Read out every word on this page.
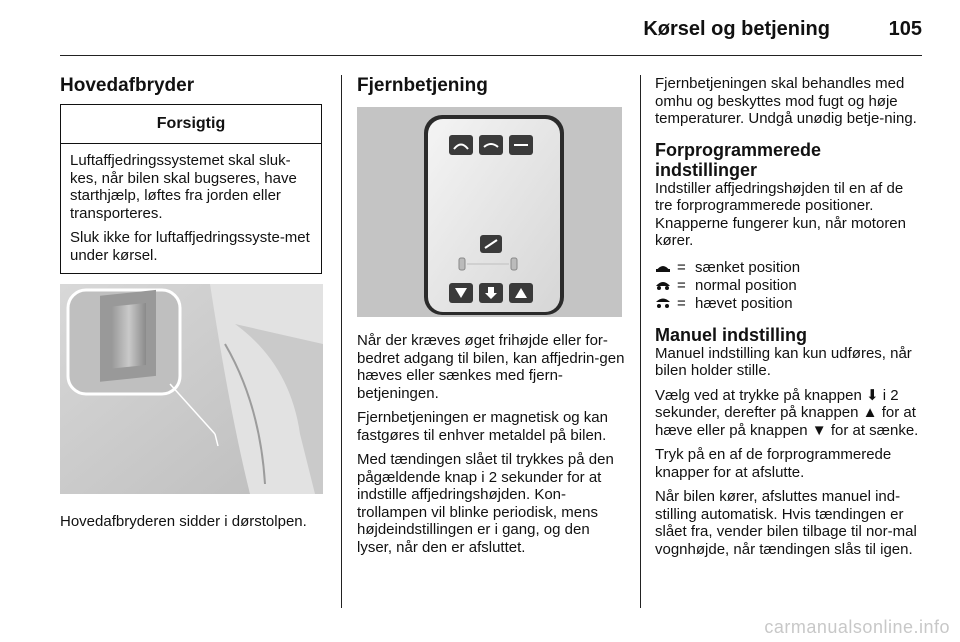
Kørsel og betjening	105
Hovedafbryder
Forsigtig

Luftaffjedringssystemet skal sluk-kes, når bilen skal bugseres, have starthjælp, løftes fra jorden eller transporteres.

Sluk ikke for luftaffjedringssyste-met under kørsel.

Hovedafbryderen sidder i dørstolpen.

Fjernbetjening

Når der kræves øget frihøjde eller for-bedret adgang til bilen, kan affjedrin-gen hæves eller sænkes med fjern-betjeningen.

Fjernbetjeningen er magnetisk og kan fastgøres til enhver metaldel på bilen.

Med tændingen slået til trykkes på den pågældende knap i 2 sekunder for at indstille affjedringshøjden. Kon-trollampen vil blinke periodisk, mens højdeindstillingen er i gang, og den lyser, når den er afsluttet.

Fjernbetjeningen skal behandles med omhu og beskyttes mod fugt og høje temperaturer. Undgå unødig betje-ning.

Forprogrammerede indstillinger

Indstiller affjedringshøjden til en af de tre forprogrammerede positioner. Knapperne fungerer kun, når motoren kører.

= sænket position
= normal position
= hævet position
Manuel indstilling

Manuel indstilling kan kun udføres, når bilen holder stille.

Vælg ved at trykke på knappen ⬇ i 2 sekunder, derefter på knappen ▲ for at hæve eller på knappen ▼ for at sænke.

Tryk på en af de forprogrammerede knapper for at afslutte.

Når bilen kører, afsluttes manuel ind-stilling automatisk. Hvis tændingen er slået fra, vender bilen tilbage til nor-mal vognhøjde, når tændingen slås til igen.

carmanualsonline.info
